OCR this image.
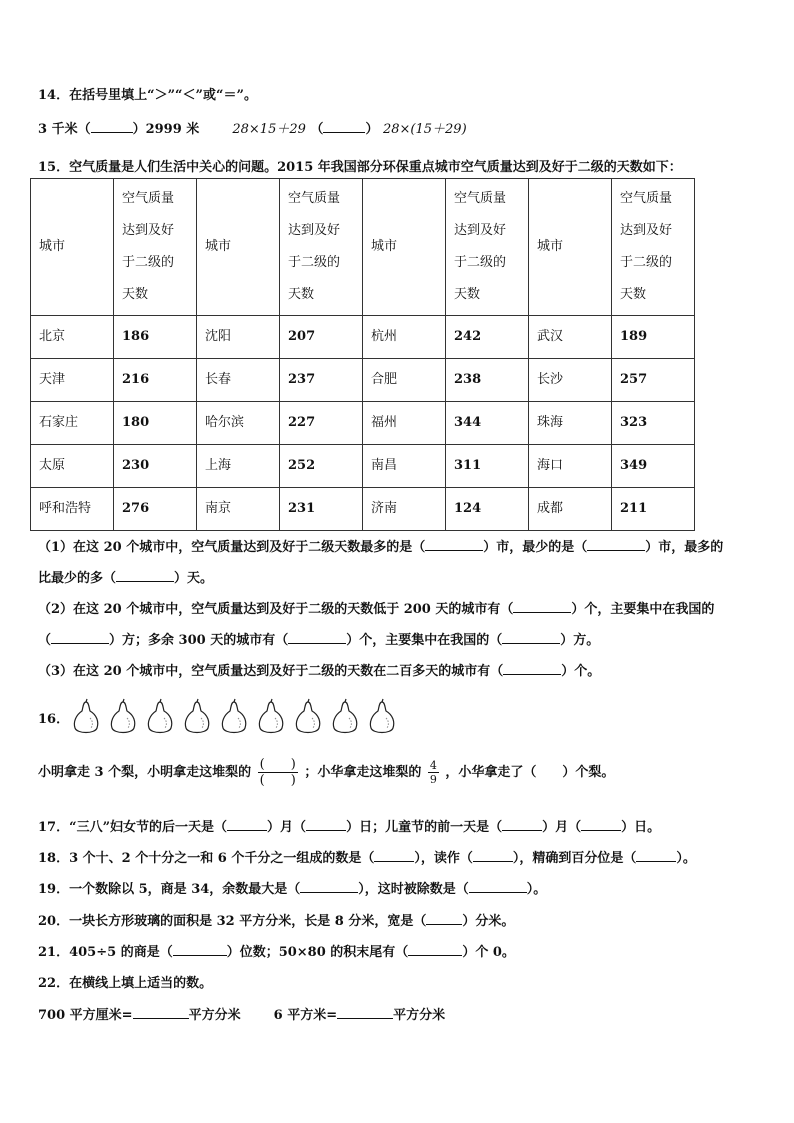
14．在括号里填上“＞”“＜”或“＝”。
3 千米（	）2999 米	28×15＋29 （	） 28×(15＋29)
15．空气质量是人们生活中关心的问题。2015 年我国部分环保重点城市空气质量达到及好于二级的天数如下：
城市	空气质量
达到及好
于二级的
天数	城市	空气质量
达到及好
于二级的
天数	城市	空气质量
达到及好
于二级的
天数	城市	空气质量
达到及好
于二级的
天数
北京	186	沈阳	207	杭州	242	武汉	189
天津	216	长春	237	合肥	238	长沙	257
石家庄	180	哈尔滨	227	福州	344	珠海	323
太原	230	上海	252	南昌	311	海口	349
呼和浩特	276	南京	231	济南	124	成都	211
（1）在这 20 个城市中，空气质量达到及好于二级天数最多的是（	）市，最少的是（	）市，最多的
比最少的多（	）天。
（2）在这 20 个城市中，空气质量达到及好于二级的天数低于 200 天的城市有（	）个，主要集中在我国的
（	）方；多余 300 天的城市有（	）个，主要集中在我国的（	）方。
（3）在这 20 个城市中，空气质量达到及好于二级的天数在二百多天的城市有（	）个。
16．
小明拿走 3 个梨，小明拿走这堆梨的 $\frac{( )}{( )}$ ；小华拿走这堆梨的 $\frac{4}{9}$ ，小华拿走了（　　）个梨。
17．“三八”妇女节的后一天是（	）月（	）日；儿童节的前一天是（	）月（	）日。
18．3 个十、2 个十分之一和 6 个千分之一组成的数是（	），读作（	），精确到百分位是（	）。
19．一个数除以 5，商是 34，余数最大是（	），这时被除数是（	）。
20．一块长方形玻璃的面积是 32 平方分米，长是 8 分米，宽是（	）分米。
21．405÷5 的商是（	）位数；50×80 的积末尾有（	）个 0。
22．在横线上填上适当的数。
700 平方厘米=	平方分米	6 平方米=	平方分米
